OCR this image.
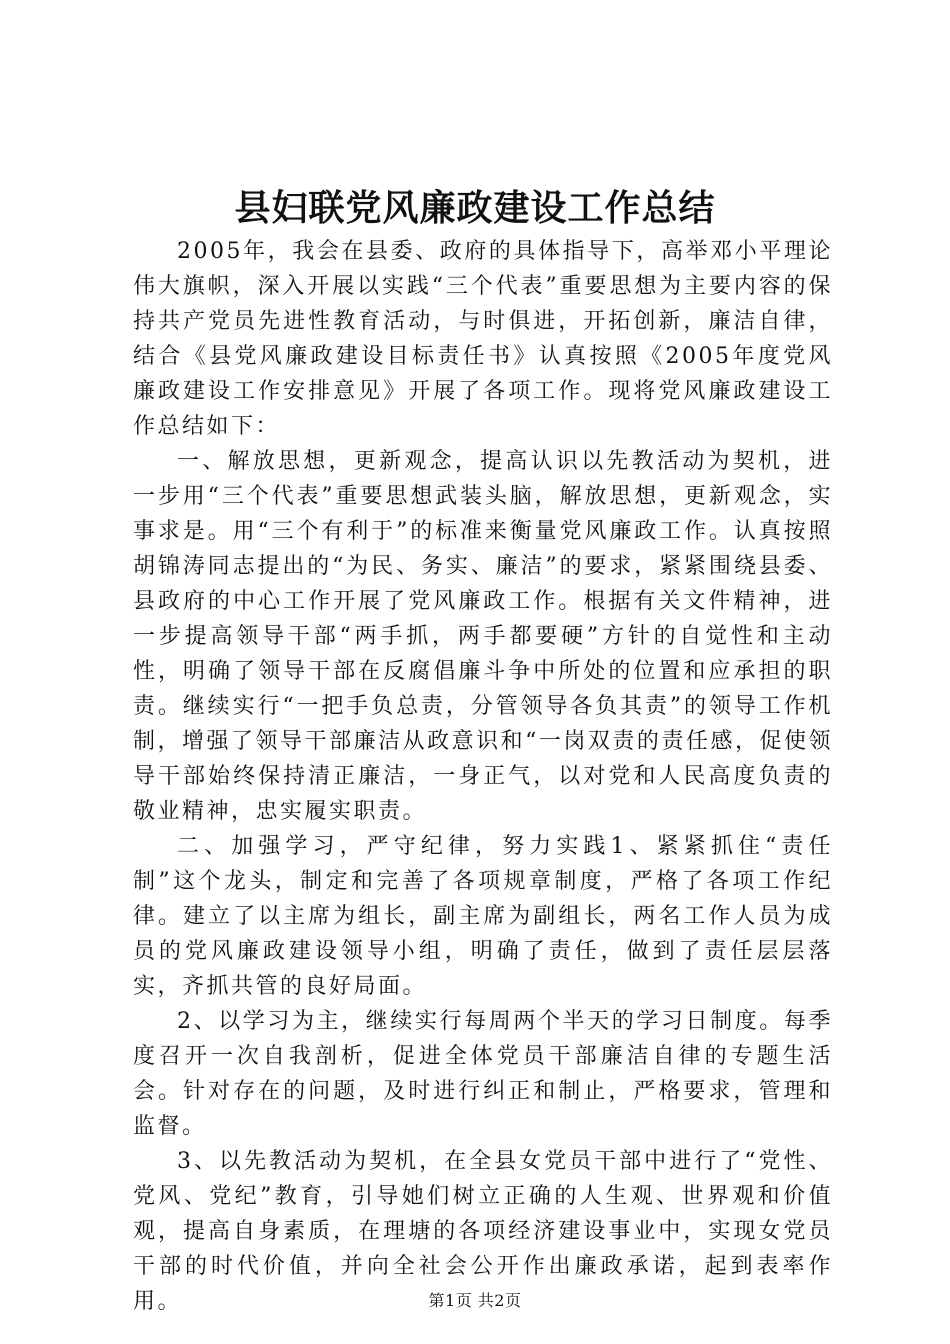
县妇联党风廉政建设工作总结

2005年，我会在县委、政府的具体指导下，高举邓小平理论伟大旗帜，深入开展以实践“三个代表”重要思想为主要内容的保持共产党员先进性教育活动，与时俱进，开拓创新，廉洁自律，结合《县党风廉政建设目标责任书》认真按照《2005年度党风廉政建设工作安排意见》开展了各项工作。现将党风廉政建设工作总结如下：

一、解放思想，更新观念，提高认识以先教活动为契机，进一步用“三个代表”重要思想武装头脑，解放思想，更新观念，实事求是。用“三个有利于”的标准来衡量党风廉政工作。认真按照胡锦涛同志提出的“为民、务实、廉洁”的要求，紧紧围绕县委、县政府的中心工作开展了党风廉政工作。根据有关文件精神，进一步提高领导干部“两手抓，两手都要硬”方针的自觉性和主动性，明确了领导干部在反腐倡廉斗争中所处的位置和应承担的职责。继续实行“一把手负总责，分管领导各负其责”的领导工作机制，增强了领导干部廉洁从政意识和“一岗双责的责任感，促使领导干部始终保持清正廉洁，一身正气，以对党和人民高度负责的敬业精神，忠实履实职责。

二、加强学习，严守纪律，努力实践1、紧紧抓住“责任制”这个龙头，制定和完善了各项规章制度，严格了各项工作纪律。建立了以主席为组长，副主席为副组长，两名工作人员为成员的党风廉政建设领导小组，明确了责任，做到了责任层层落实，齐抓共管的良好局面。

2、以学习为主，继续实行每周两个半天的学习日制度。每季度召开一次自我剖析，促进全体党员干部廉洁自律的专题生活会。针对存在的问题，及时进行纠正和制止，严格要求，管理和监督。

3、以先教活动为契机，在全县女党员干部中进行了“党性、党风、党纪”教育，引导她们树立正确的人生观、世界观和价值观，提高自身素质，在理塘的各项经济建设事业中，实现女党员干部的时代价值，并向全社会公开作出廉政承诺，起到表率作用。	第1页 共2页
